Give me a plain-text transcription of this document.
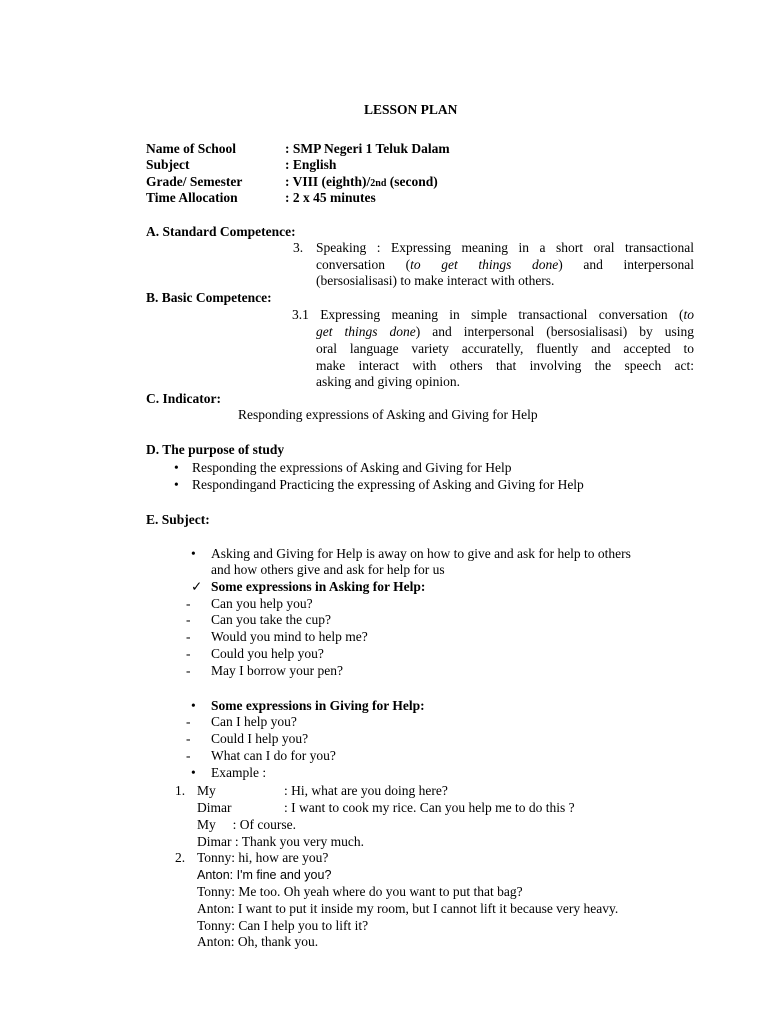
LESSON PLAN
Name of School	: SMP Negeri 1 Teluk Dalam
Subject	: English
Grade/ Semester	: VIII (eighth)/2nd (second)
Time Allocation	: 2 x 45 minutes
A. Standard Competence:
3. Speaking : Expressing meaning in a short oral transactional
conversation (to get things done) and interpersonal
(bersosialisasi) to make interact with others.
B. Basic Competence:
3.1 Expressing meaning in simple transactional conversation (to
get things done) and interpersonal (bersosialisasi) by using
oral language variety accuratelly, fluently and accepted to
make interact with others that involving the speech act:
asking and giving opinion.
C. Indicator:
Responding expressions of Asking and Giving for Help
D. The purpose of study
• Responding the expressions of Asking and Giving for Help
• Respondingand Practicing the expressing of Asking and Giving for Help
E. Subject:
• Asking and Giving for Help is away on how to give and ask for help to others
and how others give and ask for help for us
✓ Some expressions in Asking for Help:
- Can you help you?
- Can you take the cup?
- Would you mind to help me?
- Could you help you?
- May I borrow your pen?
• Some expressions in Giving for Help:
- Can I help you?
- Could I help you?
- What can I do for you?
• Example :
1. My	: Hi, what are you doing here?
Dimar	: I want to cook my rice. Can you help me to do this ?
My     : Of course.
Dimar : Thank you very much.
2. Tonny: hi, how are you?
Anton: I'm fine and you?
Tonny: Me too. Oh yeah where do you want to put that bag?
Anton: I want to put it inside my room, but I cannot lift it because very heavy.
Tonny: Can I help you to lift it?
Anton: Oh, thank you.
